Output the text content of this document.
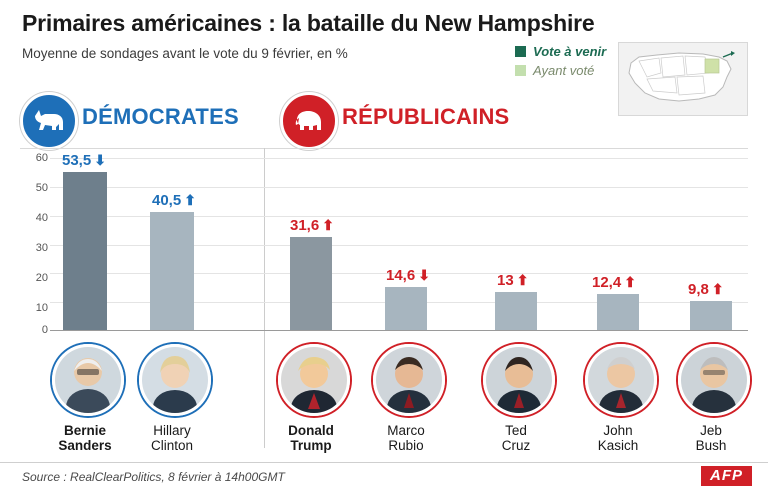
Primaires américaines : la bataille du New Hampshire
Moyenne de sondages avant le vote du 9 février, en %	Vote à venir
Ayant voté
DÉMOCRATES	RÉPUBLICAINS
60
50
40
30
20
10
0
53,5 ⬇
40,5 ⬆
31,6 ⬆
14,6 ⬇	13 ⬆	12,4 ⬆	9,8 ⬆
Bernie
Sanders
Hillary
Clinton
Donald
Trump
Marco
Rubio
Ted
Cruz
John
Kasich
Jeb
Bush
Source : RealClearPolitics, 8 février à 14h00GMT	AFP
